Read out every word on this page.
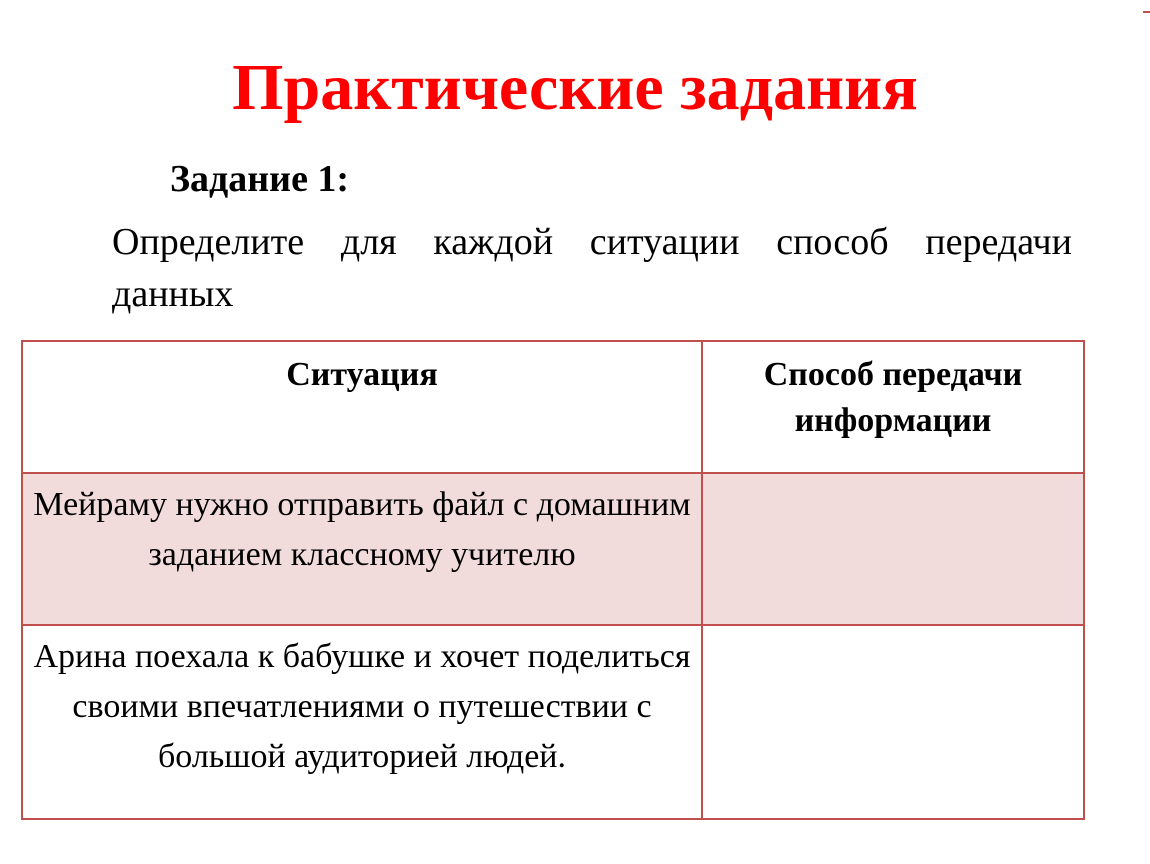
Практические задания
Задание 1:
Определите для каждой ситуации способ передачи данных
Ситуация	Способ передачи информации
Мейраму нужно отправить файл с домашним заданием классному учителю	
Арина поехала к бабушке и хочет поделиться своими впечатлениями о путешествии с большой аудиторией людей.	
